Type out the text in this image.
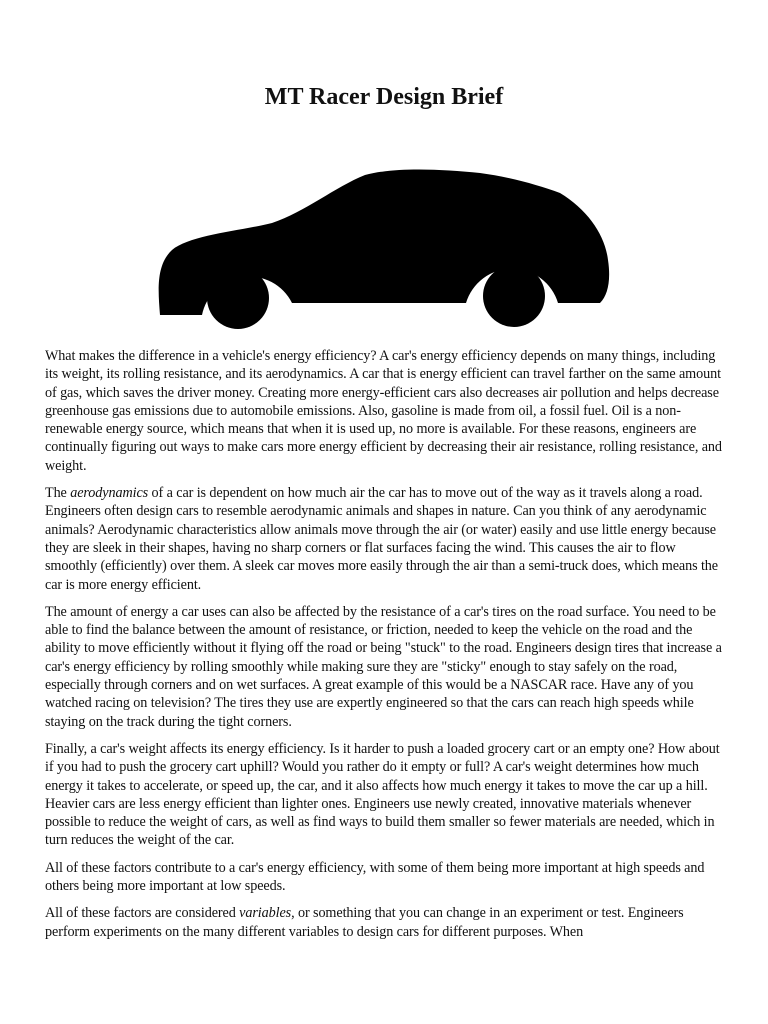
MT Racer Design Brief

What makes the difference in a vehicle's energy efficiency? A car's energy efficiency depends on many things, including its weight, its rolling resistance, and its aerodynamics. A car that is energy efficient can travel farther on the same amount of gas, which saves the driver money. Creating more energy-efficient cars also decreases air pollution and helps decrease greenhouse gas emissions due to automobile emissions. Also, gasoline is made from oil, a fossil fuel. Oil is a non-renewable energy source, which means that when it is used up, no more is available. For these reasons, engineers are continually figuring out ways to make cars more energy efficient by decreasing their air resistance, rolling resistance, and weight.

The aerodynamics of a car is dependent on how much air the car has to move out of the way as it travels along a road. Engineers often design cars to resemble aerodynamic animals and shapes in nature. Can you think of any aerodynamic animals? Aerodynamic characteristics allow animals move through the air (or water) easily and use little energy because they are sleek in their shapes, having no sharp corners or flat surfaces facing the wind. This causes the air to flow smoothly (efficiently) over them. A sleek car moves more easily through the air than a semi-truck does, which means the car is more energy efficient.

The amount of energy a car uses can also be affected by the resistance of a car's tires on the road surface. You need to be able to find the balance between the amount of resistance, or friction, needed to keep the vehicle on the road and the ability to move efficiently without it flying off the road or being "stuck" to the road. Engineers design tires that increase a car's energy efficiency by rolling smoothly while making sure they are "sticky" enough to stay safely on the road, especially through corners and on wet surfaces. A great example of this would be a NASCAR race. Have any of you watched racing on television? The tires they use are expertly engineered so that the cars can reach high speeds while staying on the track during the tight corners.

Finally, a car's weight affects its energy efficiency. Is it harder to push a loaded grocery cart or an empty one? How about if you had to push the grocery cart uphill? Would you rather do it empty or full? A car's weight determines how much energy it takes to accelerate, or speed up, the car, and it also affects how much energy it takes to move the car up a hill. Heavier cars are less energy efficient than lighter ones. Engineers use newly created, innovative materials whenever possible to reduce the weight of cars, as well as find ways to build them smaller so fewer materials are needed, which in turn reduces the weight of the car.

All of these factors contribute to a car's energy efficiency, with some of them being more important at high speeds and others being more important at low speeds.

All of these factors are considered variables, or something that you can change in an experiment or test. Engineers perform experiments on the many different variables to design cars for different purposes. When
